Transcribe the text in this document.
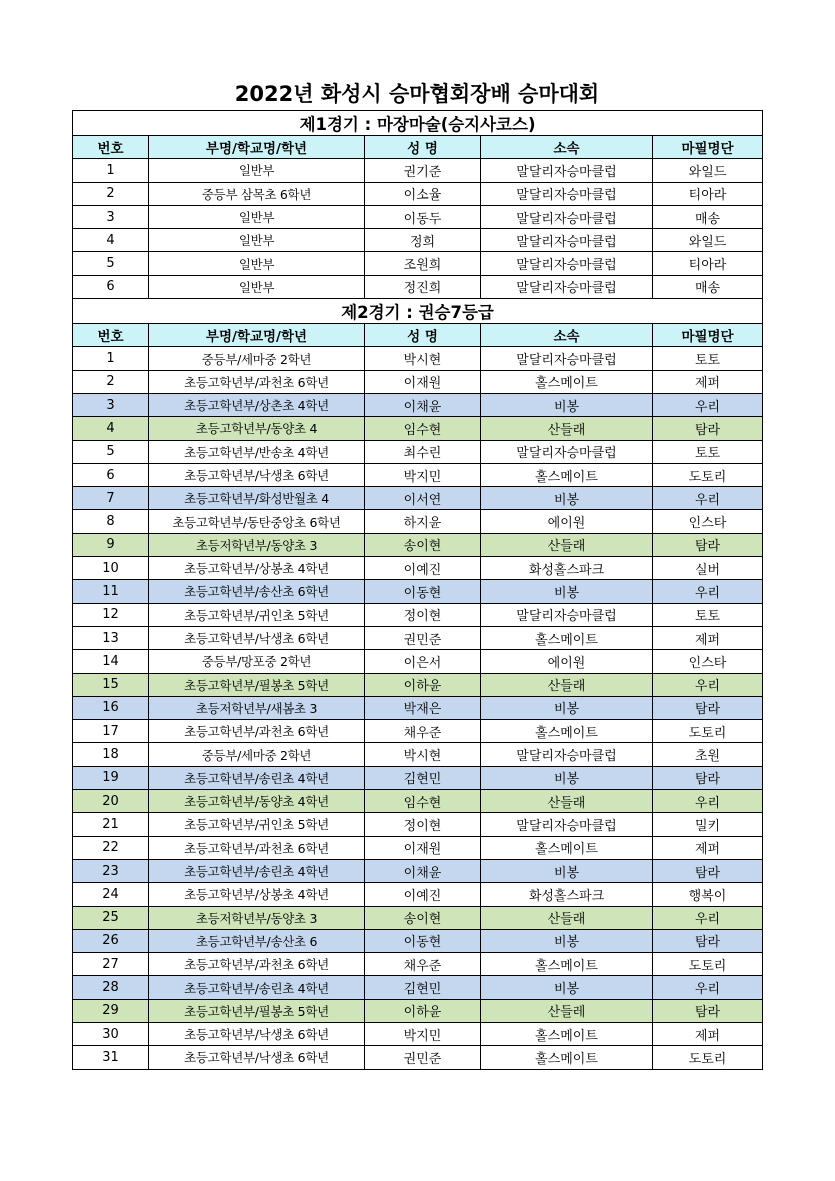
2022년 화성시 승마협회장배 승마대회
제1경기 : 마장마술(승지사코스)				
번호	부명/학교명/학년	성 명	소속	마필명단
1	일반부	권기준	말달리자승마클럽	와일드
2	중등부 삼목초 6학년	이소율	말달리자승마클럽	티아라
3	일반부	이동두	말달리자승마클럽	매송
4	일반부	정희	말달리자승마클럽	와일드
5	일반부	조원희	말달리자승마클럽	티아라
6	일반부	정진희	말달리자승마클럽	매송
제2경기 : 권승7등급				
번호	부명/학교명/학년	성 명	소속	마필명단
1	중등부/세마중 2학년	박시현	말달리자승마클럽	토토
2	초등고학년부/과천초 6학년	이재원	홀스메이트	제퍼
3	초등고학년부/상촌초 4학년	이채윤	비봉	우리
4	초등고학년부/동양초 4	임수현	산들래	탐라
5	초등고학년부/반송초 4학년	최수린	말달리자승마클럽	토토
6	초등고학년부/낙생초 6학년	박지민	홀스메이트	도토리
7	초등고학년부/화성반월초 4	이서연	비봉	우리
8	초등고학년부/동탄중앙초 6학년	하지윤	에이원	인스타
9	초등저학년부/동양초 3	송이현	산들래	탐라
10	초등고학년부/상봉초 4학년	이예진	화성홀스파크	실버
11	초등고학년부/송산초 6학년	이동현	비봉	우리
12	초등고학년부/귀인초 5학년	정이현	말달리자승마클럽	토토
13	초등고학년부/낙생초 6학년	권민준	홀스메이트	제퍼
14	중등부/망포중 2학년	이은서	에이원	인스타
15	초등고학년부/필봉초 5학년	이하윤	산들래	우리
16	초등저학년부/새봄초 3	박재은	비봉	탐라
17	초등고학년부/과천초 6학년	채우준	홀스메이트	도토리
18	중등부/세마중 2학년	박시현	말달리자승마클럽	초원
19	초등고학년부/송린초 4학년	김현민	비봉	탐라
20	초등고학년부/동양초 4학년	임수현	산들래	우리
21	초등고학년부/귀인초 5학년	정이현	말달리자승마클럽	밀키
22	초등고학년부/과천초 6학년	이재원	홀스메이트	제퍼
23	초등고학년부/송린초 4학년	이채윤	비봉	탐라
24	초등고학년부/상봉초 4학년	이예진	화성홀스파크	행복이
25	초등저학년부/동양초 3	송이현	산들래	우리
26	초등고학년부/송산초 6	이동현	비봉	탐라
27	초등고학년부/과천초 6학년	채우준	홀스메이트	도토리
28	초등고학년부/송린초 4학년	김현민	비봉	우리
29	초등고학년부/필봉초 5학년	이하윤	산들레	탐라
30	초등고학년부/낙생초 6학년	박지민	홀스메이트	제퍼
31	초등고학년부/낙생초 6학년	권민준	홀스메이트	도토리
